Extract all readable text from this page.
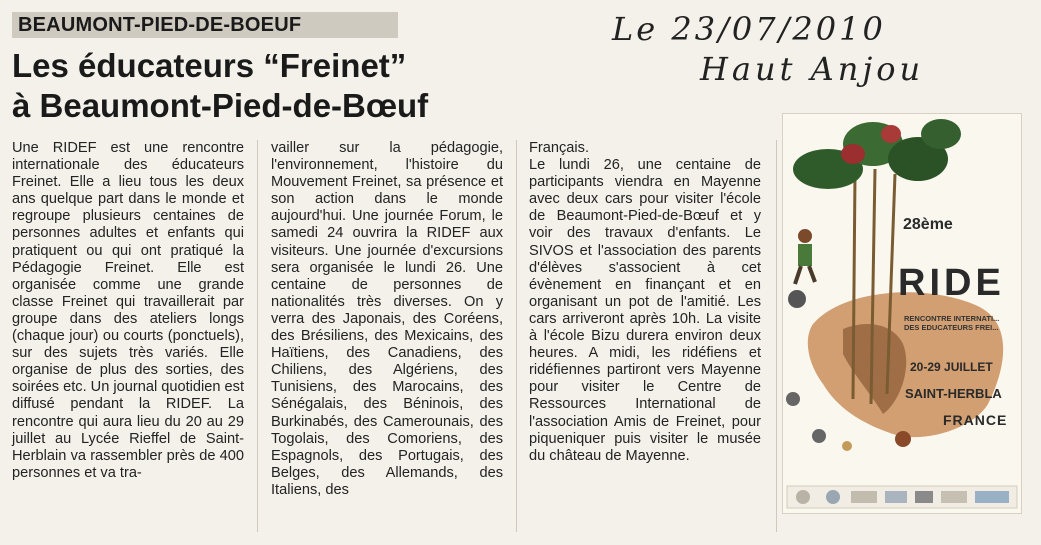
BEAUMONT-PIED-DE-BOEUF
Les éducateurs “Freinet”
à Beaumont-Pied-de-Bœuf
Le 23/07/2010
Haut Anjou

Une RIDEF est une rencontre internationale des éducateurs Freinet. Elle a lieu tous les deux ans quelque part dans le monde et regroupe plusieurs centaines de personnes adultes et enfants qui pratiquent ou qui ont pratiqué la Pédagogie Freinet. Elle est organisée comme une grande classe Freinet qui travaillerait par groupe dans des ateliers longs (chaque jour) ou courts (ponctuels), sur des sujets très variés. Elle organise de plus des sorties, des soirées etc. Un journal quotidien est diffusé pendant la RIDEF. La rencontre qui aura lieu du 20 au 29 juillet au Lycée Rieffel de Saint-Herblain va rassembler près de 400 personnes et va tra-

vailler sur la pédagogie, l'environnement, l'histoire du Mouvement Freinet, sa présence et son action dans le monde aujourd'hui. Une journée Forum, le samedi 24 ouvrira la RIDEF aux visiteurs. Une journée d'excursions sera organisée le lundi 26. Une centaine de personnes de nationalités très diverses. On y verra des Japonais, des Coréens, des Brésiliens, des Mexicains, des Haïtiens, des Canadiens, des Chiliens, des Algériens, des Tunisiens, des Marocains, des Sénégalais, des Béninois, des Burkinabés, des Camerounais, des Togolais, des Comoriens, des Espagnols, des Portugais, des Belges, des Allemands, des Italiens, des

Français.
Le lundi 26, une centaine de participants viendra en Mayenne avec deux cars pour visiter l'école de Beaumont-Pied-de-Bœuf et y voir des travaux d'enfants. Le SIVOS et l'association des parents d'élèves s'associent à cet évènement en finançant et en organisant un pot de l'amitié. Les cars arriveront après 10h. La visite à l'école Bizu durera environ deux heures. A midi, les ridéfiens et ridéfiennes partiront vers Mayenne pour visiter le Centre de Ressources International de l'association Amis de Freinet, pour piqueniquer puis visiter le musée du château de Mayenne.

28ème
RIDE
RENCONTRE INTERNATI... DES EDUCATEURS FREI...
20-29 JUILLET
SAINT-HERBLA
FRANCE
